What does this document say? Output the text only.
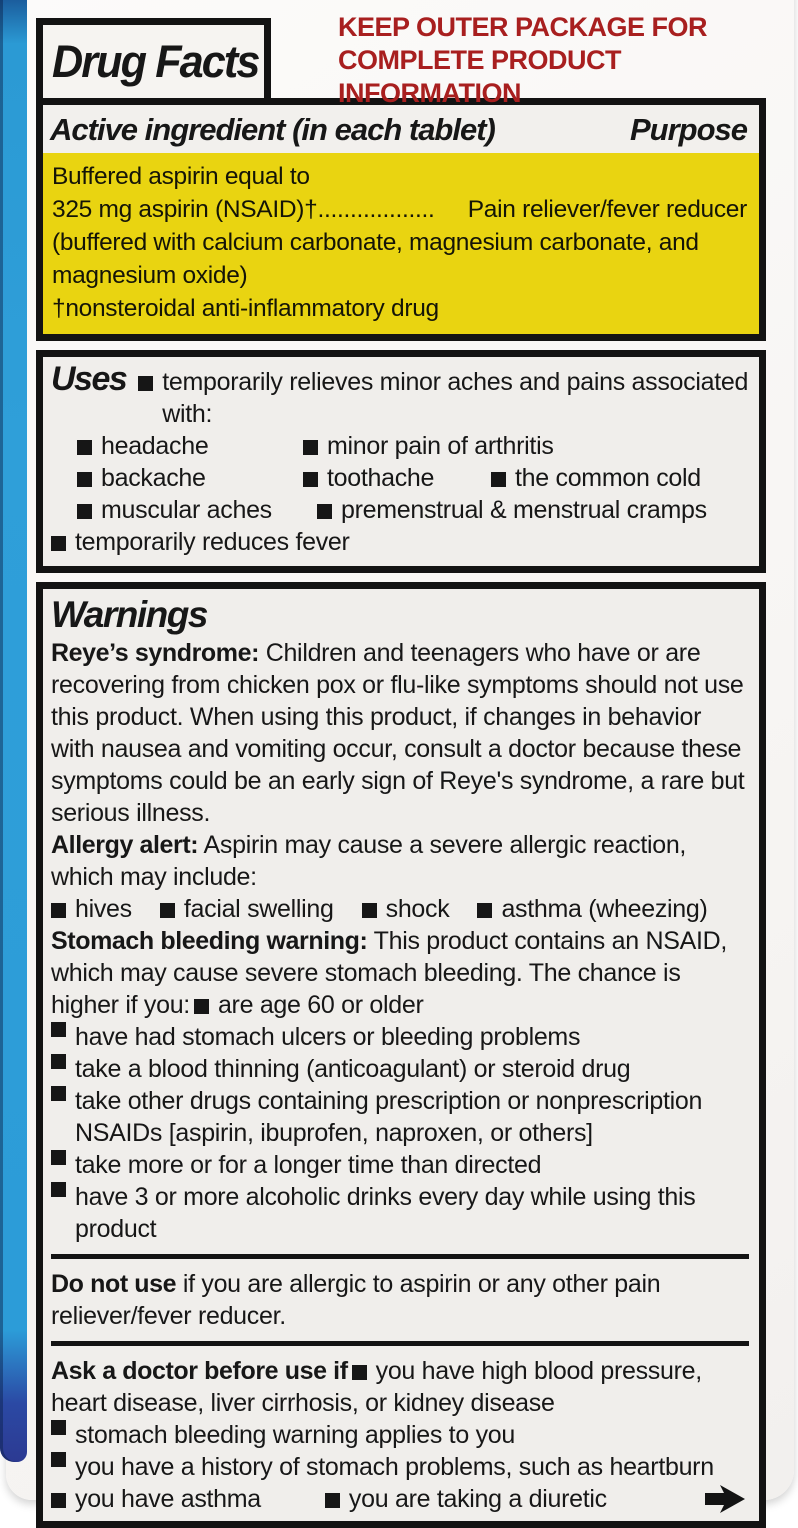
Drug Facts
KEEP OUTER PACKAGE FOR COMPLETE PRODUCT INFORMATION
Active ingredient (in each tablet)	Purpose
Buffered aspirin equal to
325 mg aspirin (NSAID)† ..................	Pain reliever/fever reducer
(buffered with calcium carbonate, magnesium carbonate, and
magnesium oxide)
†nonsteroidal anti-inflammatory drug
Uses temporarily relieves minor aches and pains associated with:
headache	minor pain of arthritis
backache	toothache	the common cold
muscular aches	premenstrual & menstrual cramps
temporarily reduces fever
Warnings

Reye’s syndrome: Children and teenagers who have or are recovering from chicken pox or flu-like symptoms should not use this product. When using this product, if changes in behavior with nausea and vomiting occur, consult a doctor because these symptoms could be an early sign of Reye's syndrome, a rare but serious illness.

Allergy alert: Aspirin may cause a severe allergic reaction, which may include:

hives	facial swelling	shock	asthma (wheezing)

Stomach bleeding warning: This product contains an NSAID, which may cause severe stomach bleeding. The chance is higher if you: are age 60 or older

have had stomach ulcers or bleeding problems
take a blood thinning (anticoagulant) or steroid drug
take other drugs containing prescription or nonprescription NSAIDs [aspirin, ibuprofen, naproxen, or others]
take more or for a longer time than directed
have 3 or more alcoholic drinks every day while using this product

Do not use if you are allergic to aspirin or any other pain reliever/fever reducer.

Ask a doctor before use if you have high blood pressure, heart disease, liver cirrhosis, or kidney disease

stomach bleeding warning applies to you
you have a history of stomach problems, such as heartburn
you have asthma	you are taking a diuretic
